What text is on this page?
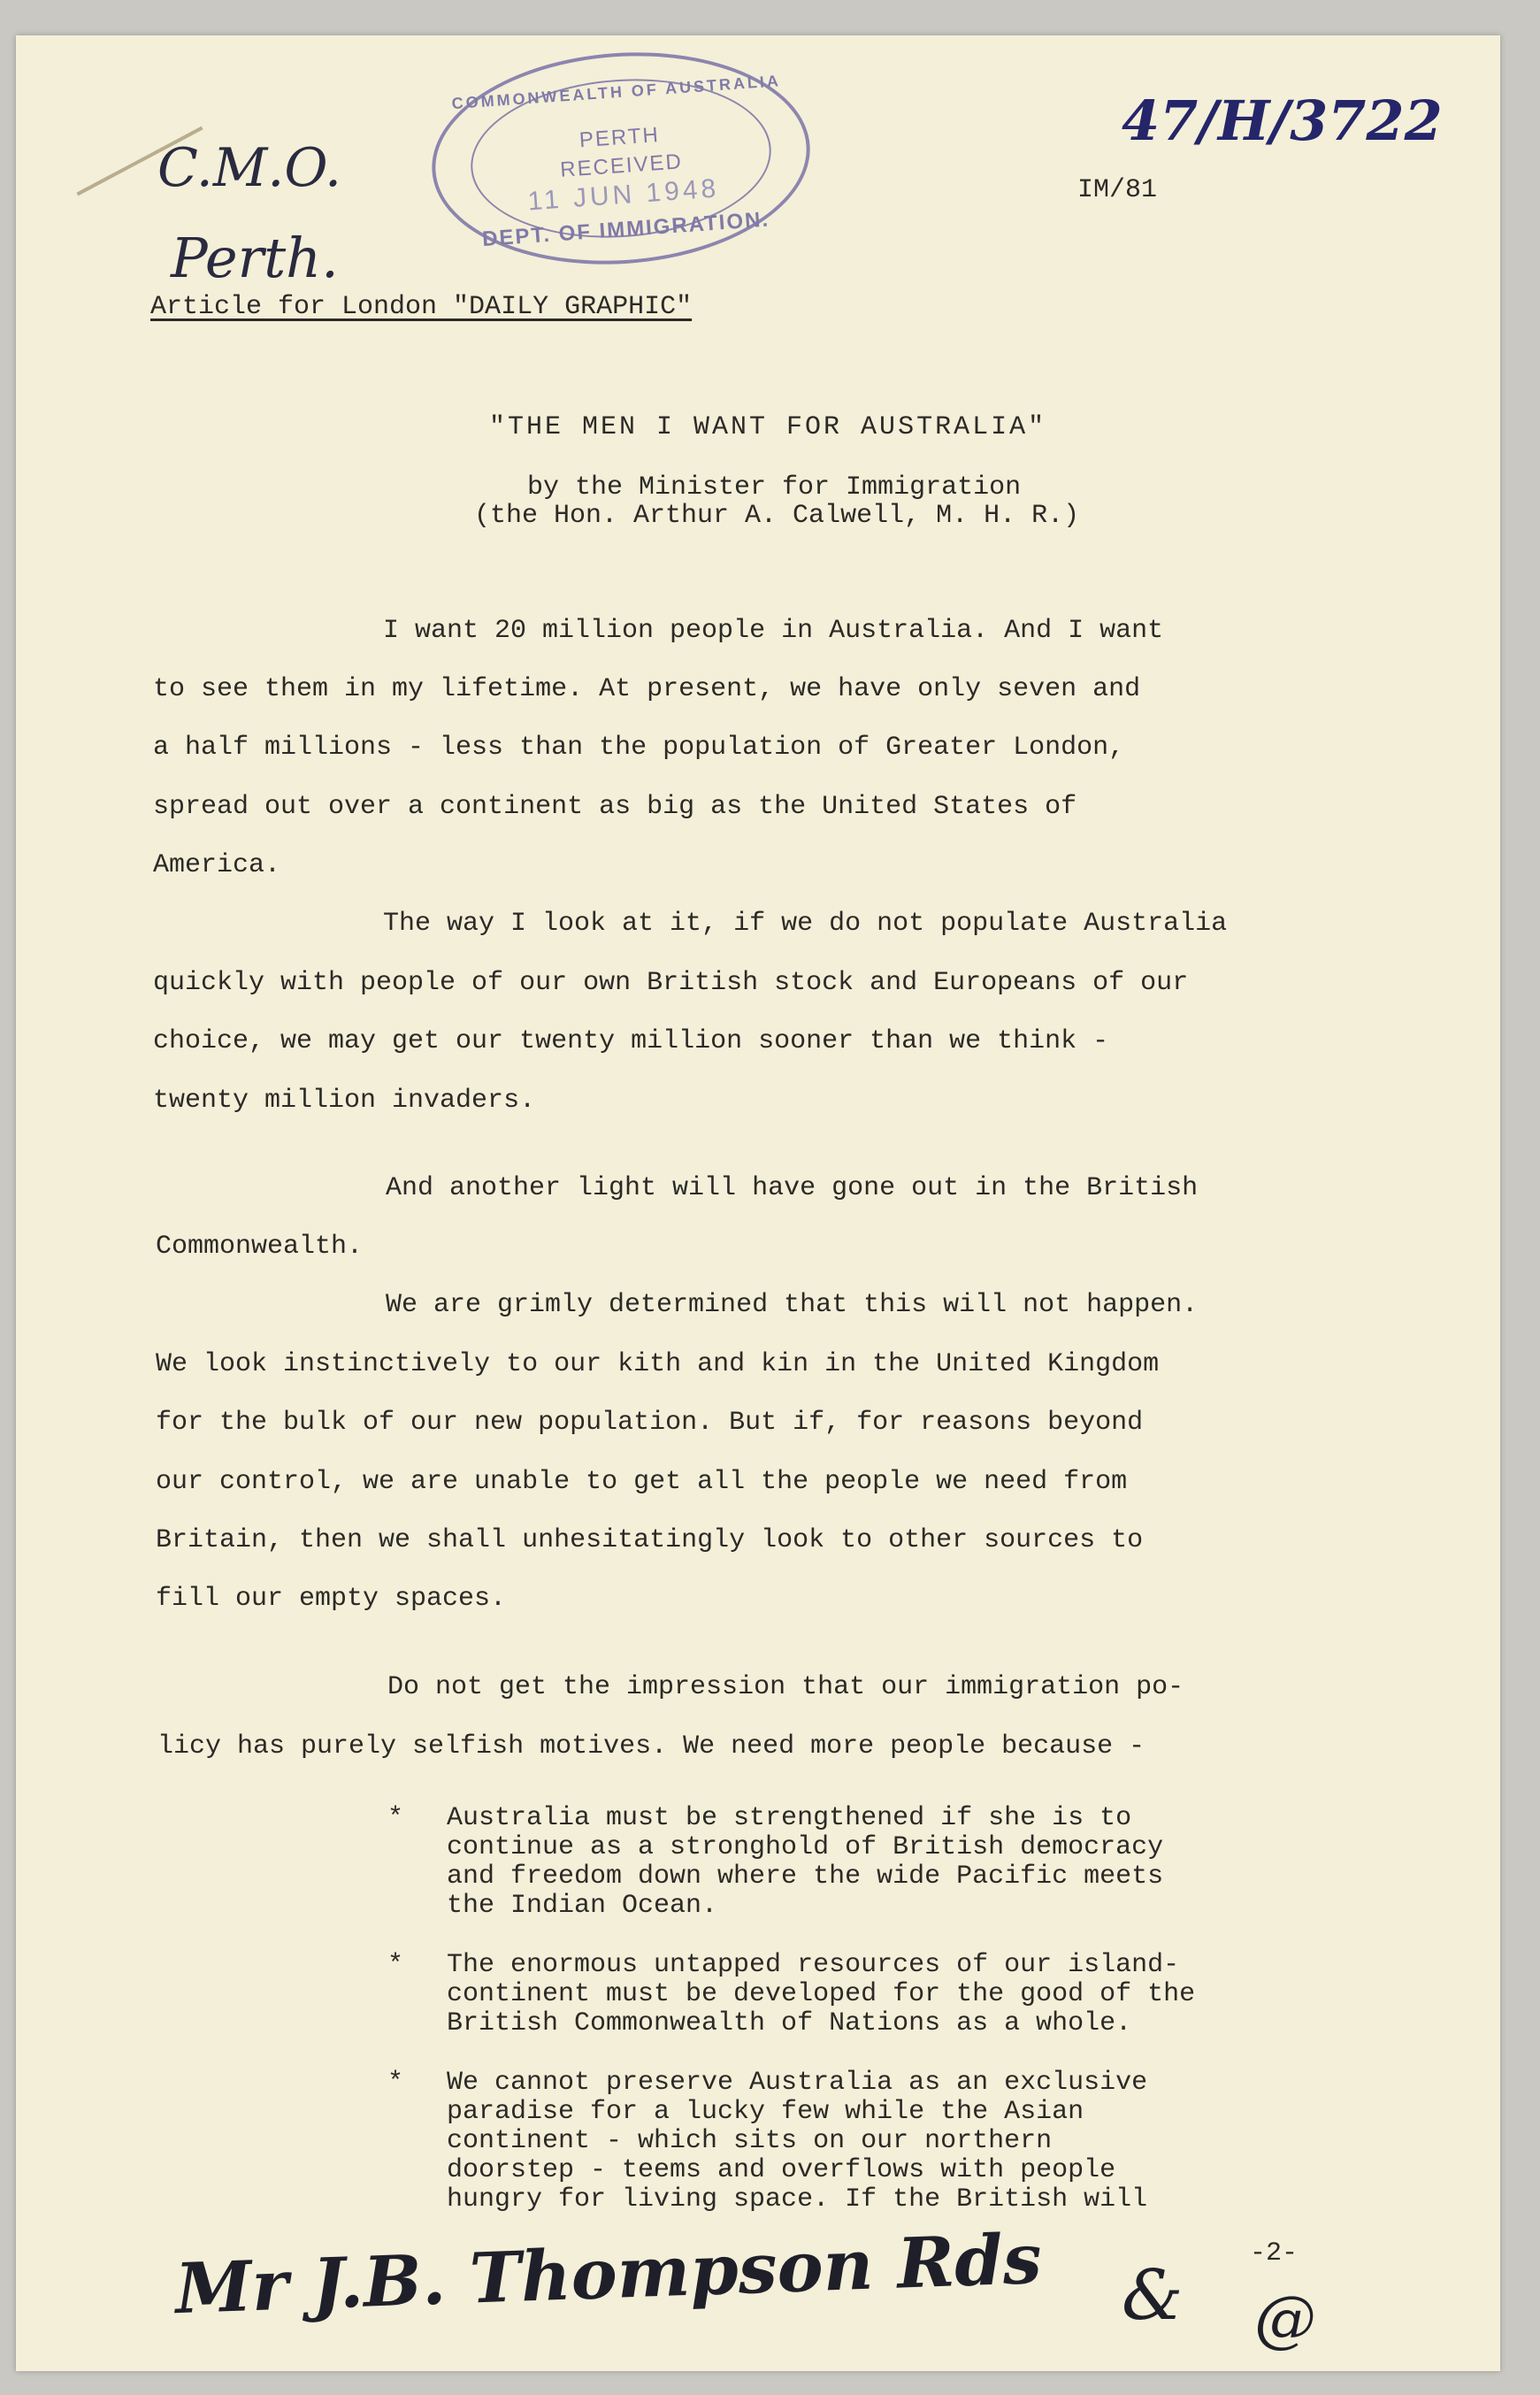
C.M.O.
Perth.
COMMONWEALTH OF AUSTRALIA
PERTH
RECEIVED
11 JUN 1948
DEPT. OF IMMIGRATION.
47/H/3722
IM/81
Article for London "DAILY GRAPHIC"
"THE MEN I WANT FOR AUSTRALIA"
by the Minister for Immigration
(the Hon. Arthur A. Calwell, M. H. R.)
I want 20 million people in Australia. And I want
to see them in my lifetime. At present, we have only seven and
a half millions - less than the population of Greater London,
spread out over a continent as big as the United States of
America.
The way I look at it, if we do not populate Australia
quickly with people of our own British stock and Europeans of our
choice, we may get our twenty million sooner than we think -
twenty million invaders.
And another light will have gone out in the British
Commonwealth.
We are grimly determined that this will not happen.
We look instinctively to our kith and kin in the United Kingdom
for the bulk of our new population. But if, for reasons beyond
our control, we are unable to get all the people we need from
Britain, then we shall unhesitatingly look to other sources to
fill our empty spaces.
Do not get the impression that our immigration po-
licy has purely selfish motives. We need more people because -
* Australia must be strengthened if she is to
continue as a stronghold of British democracy
and freedom down where the wide Pacific meets
the Indian Ocean.
* The enormous untapped resources of our island-
continent must be developed for the good of the
British Commonwealth of Nations as a whole.
* We cannot preserve Australia as an exclusive
paradise for a lucky few while the Asian
continent - which sits on our northern
doorstep - teems and overflows with people
hungry for living space. If the British will
-2-
Mr J.B. Thompson Rds & @
